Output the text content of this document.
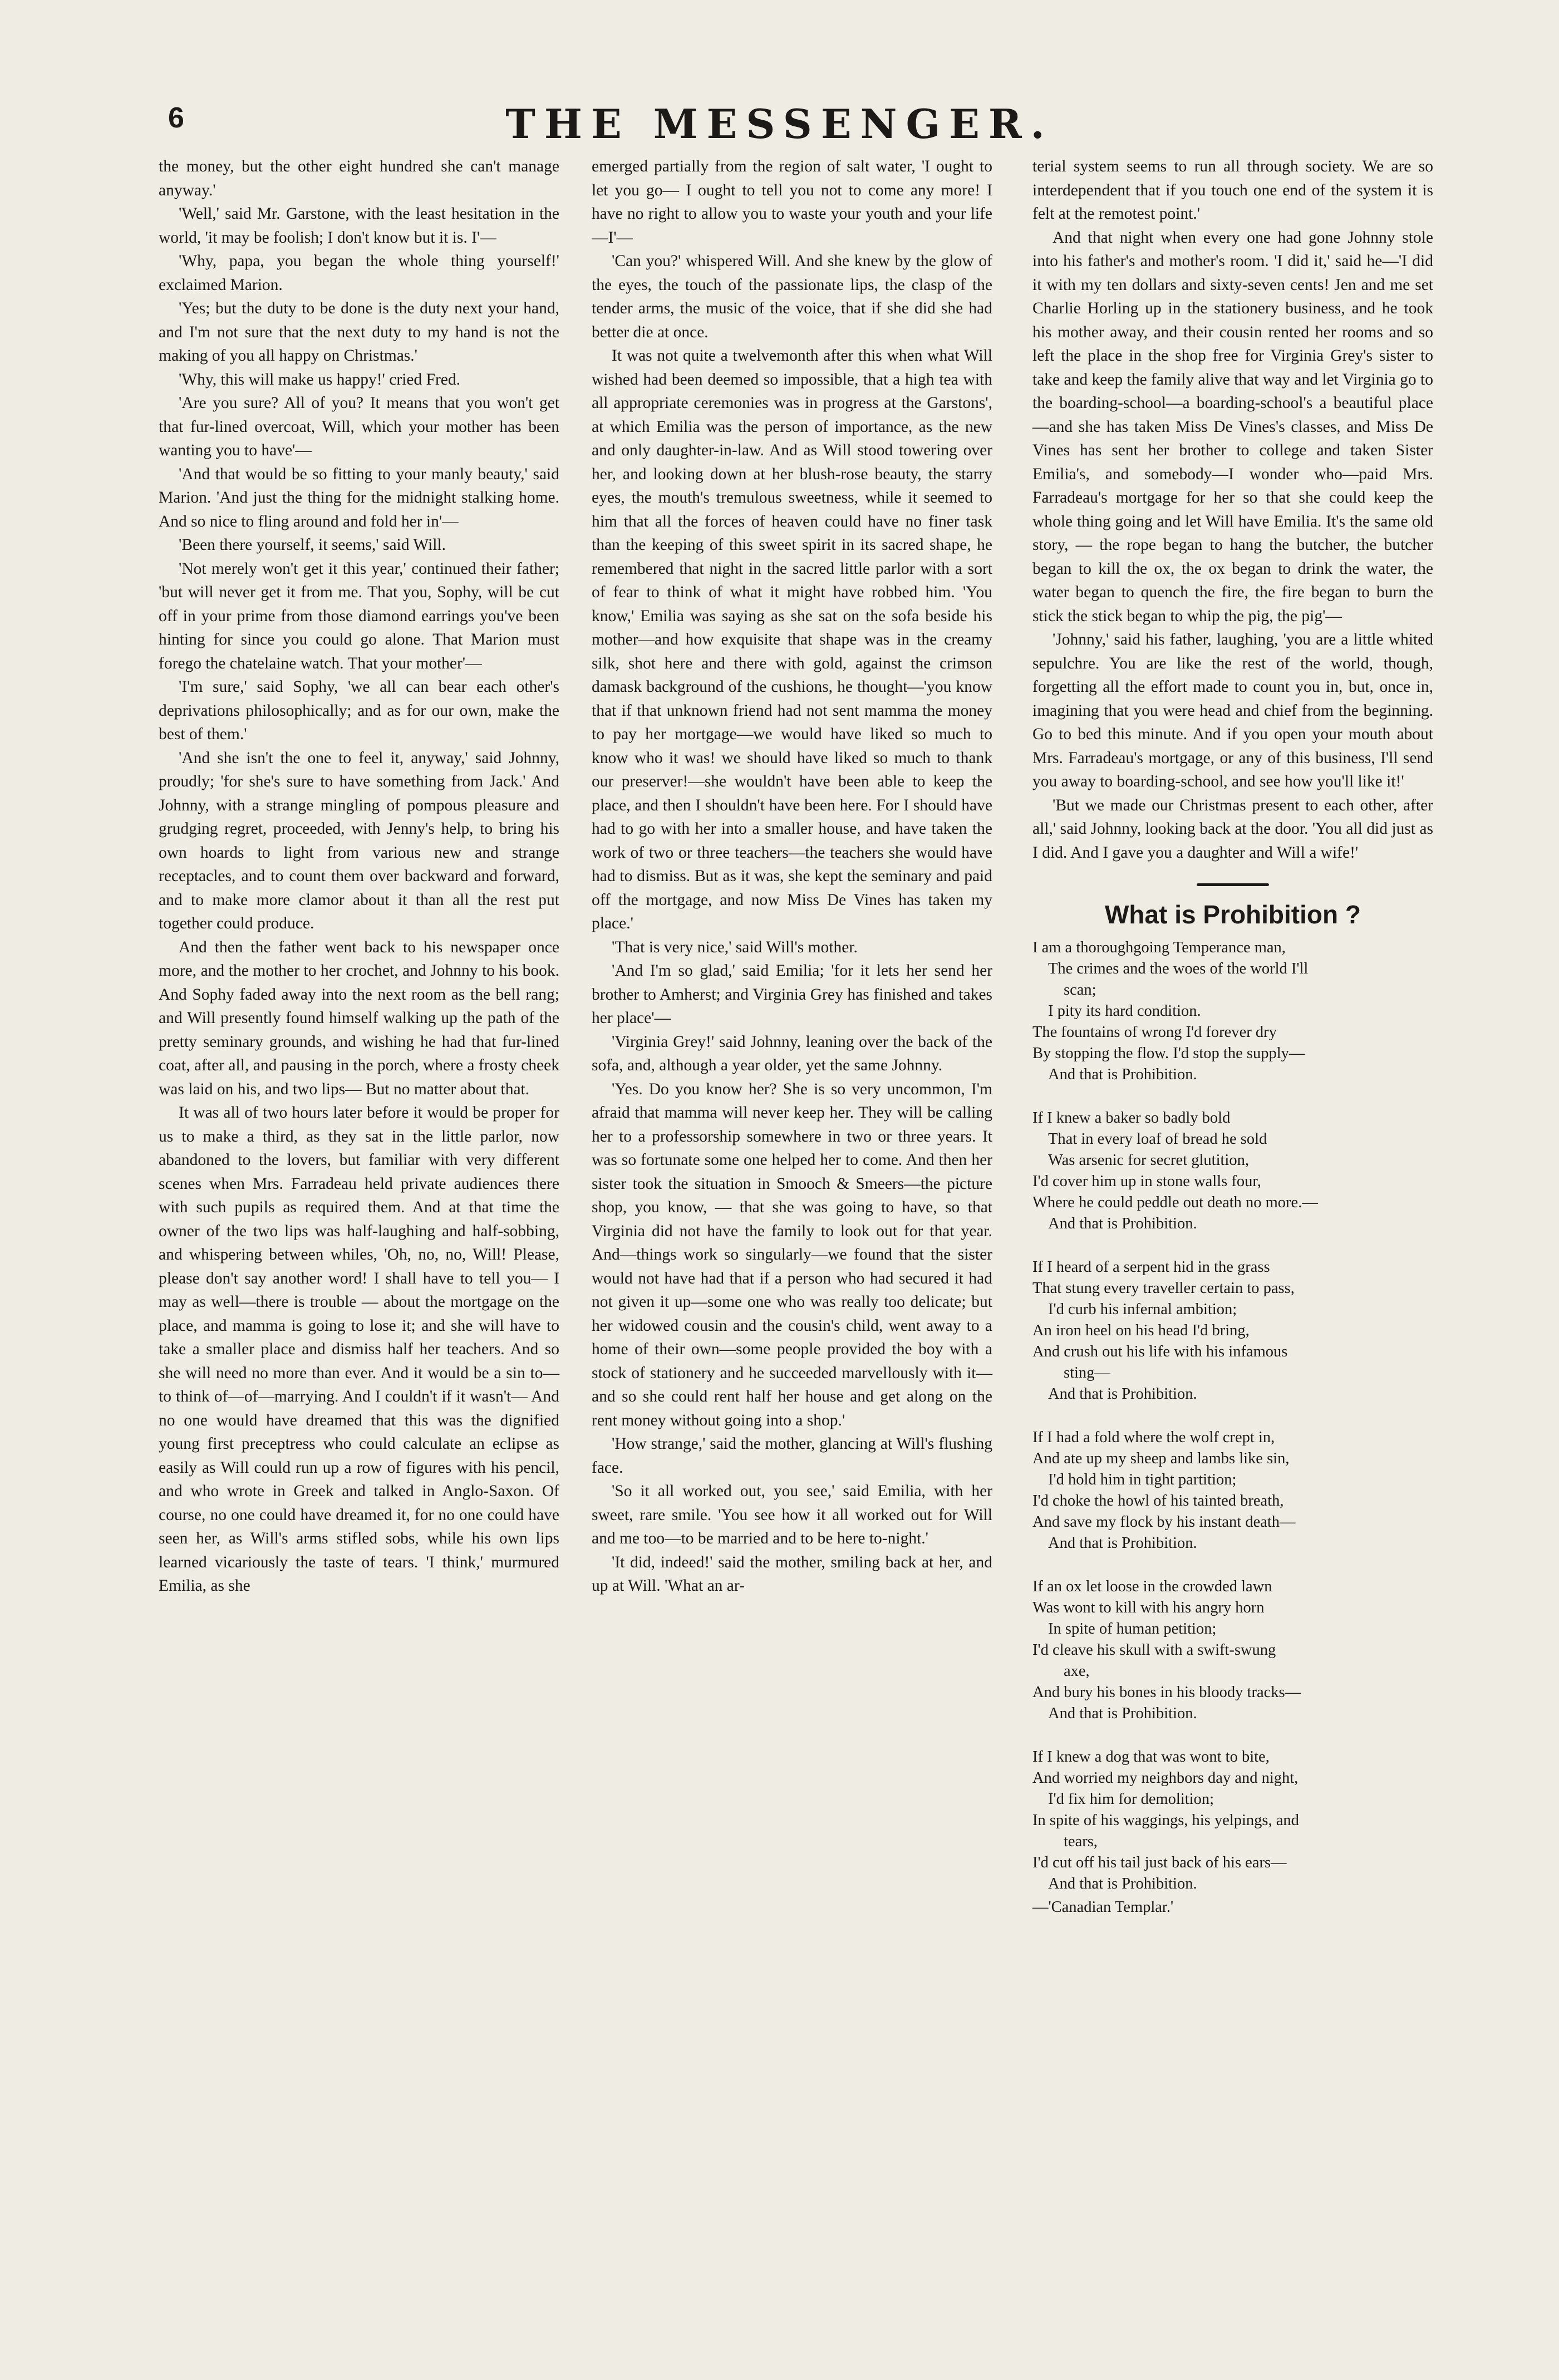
6	THE MESSENGER.

the money, but the other eight hundred she can't manage anyway.'

'Well,' said Mr. Garstone, with the least hesitation in the world, 'it may be foolish; I don't know but it is. I'—

'Why, papa, you began the whole thing yourself!' exclaimed Marion.

'Yes; but the duty to be done is the duty next your hand, and I'm not sure that the next duty to my hand is not the making of you all happy on Christmas.'

'Why, this will make us happy!' cried Fred.

'Are you sure? All of you? It means that you won't get that fur-lined overcoat, Will, which your mother has been wanting you to have'—

'And that would be so fitting to your manly beauty,' said Marion. 'And just the thing for the midnight stalking home. And so nice to fling around and fold her in'—

'Been there yourself, it seems,' said Will.

'Not merely won't get it this year,' continued their father; 'but will never get it from me. That you, Sophy, will be cut off in your prime from those diamond earrings you've been hinting for since you could go alone. That Marion must forego the chatelaine watch. That your mother'—

'I'm sure,' said Sophy, 'we all can bear each other's deprivations philosophically; and as for our own, make the best of them.'

'And she isn't the one to feel it, anyway,' said Johnny, proudly; 'for she's sure to have something from Jack.' And Johnny, with a strange mingling of pompous pleasure and grudging regret, proceeded, with Jenny's help, to bring his own hoards to light from various new and strange receptacles, and to count them over backward and forward, and to make more clamor about it than all the rest put together could produce.

And then the father went back to his newspaper once more, and the mother to her crochet, and Johnny to his book. And Sophy faded away into the next room as the bell rang; and Will presently found himself walking up the path of the pretty seminary grounds, and wishing he had that fur-lined coat, after all, and pausing in the porch, where a frosty cheek was laid on his, and two lips— But no matter about that.

It was all of two hours later before it would be proper for us to make a third, as they sat in the little parlor, now abandoned to the lovers, but familiar with very different scenes when Mrs. Farradeau held private audiences there with such pupils as required them. And at that time the owner of the two lips was half-laughing and half-sobbing, and whispering between whiles, 'Oh, no, no, Will! Please, please don't say another word! I shall have to tell you— I may as well—there is trouble — about the mortgage on the place, and mamma is going to lose it; and she will have to take a smaller place and dismiss half her teachers. And so she will need no more than ever. And it would be a sin to—to think of—of—marrying. And I couldn't if it wasn't— And no one would have dreamed that this was the dignified young first preceptress who could calculate an eclipse as easily as Will could run up a row of figures with his pencil, and who wrote in Greek and talked in Anglo-Saxon. Of course, no one could have dreamed it, for no one could have seen her, as Will's arms stifled sobs, while his own lips learned vicariously the taste of tears. 'I think,' murmured Emilia, as she

emerged partially from the region of salt water, 'I ought to let you go— I ought to tell you not to come any more! I have no right to allow you to waste your youth and your life—I'—

'Can you?' whispered Will. And she knew by the glow of the eyes, the touch of the passionate lips, the clasp of the tender arms, the music of the voice, that if she did she had better die at once.

It was not quite a twelvemonth after this when what Will wished had been deemed so impossible, that a high tea with all appropriate ceremonies was in progress at the Garstons', at which Emilia was the person of importance, as the new and only daughter-in-law. And as Will stood towering over her, and looking down at her blush-rose beauty, the starry eyes, the mouth's tremulous sweetness, while it seemed to him that all the forces of heaven could have no finer task than the keeping of this sweet spirit in its sacred shape, he remembered that night in the sacred little parlor with a sort of fear to think of what it might have robbed him. 'You know,' Emilia was saying as she sat on the sofa beside his mother—and how exquisite that shape was in the creamy silk, shot here and there with gold, against the crimson damask background of the cushions, he thought—'you know that if that unknown friend had not sent mamma the money to pay her mortgage—we would have liked so much to know who it was! we should have liked so much to thank our preserver!—she wouldn't have been able to keep the place, and then I shouldn't have been here. For I should have had to go with her into a smaller house, and have taken the work of two or three teachers—the teachers she would have had to dismiss. But as it was, she kept the seminary and paid off the mortgage, and now Miss De Vines has taken my place.'

'That is very nice,' said Will's mother.

'And I'm so glad,' said Emilia; 'for it lets her send her brother to Amherst; and Virginia Grey has finished and takes her place'—

'Virginia Grey!' said Johnny, leaning over the back of the sofa, and, although a year older, yet the same Johnny.

'Yes. Do you know her? She is so very uncommon, I'm afraid that mamma will never keep her. They will be calling her to a professorship somewhere in two or three years. It was so fortunate some one helped her to come. And then her sister took the situation in Smooch & Smeers—the picture shop, you know, — that she was going to have, so that Virginia did not have the family to look out for that year. And—things work so singularly—we found that the sister would not have had that if a person who had secured it had not given it up—some one who was really too delicate; but her widowed cousin and the cousin's child, went away to a home of their own—some people provided the boy with a stock of stationery and he succeeded marvellously with it—and so she could rent half her house and get along on the rent money without going into a shop.'

'How strange,' said the mother, glancing at Will's flushing face.

'So it all worked out, you see,' said Emilia, with her sweet, rare smile. 'You see how it all worked out for Will and me too—to be married and to be here to-night.'

'It did, indeed!' said the mother, smiling back at her, and up at Will. 'What an ar-

terial system seems to run all through society. We are so interdependent that if you touch one end of the system it is felt at the remotest point.'

And that night when every one had gone Johnny stole into his father's and mother's room. 'I did it,' said he—'I did it with my ten dollars and sixty-seven cents! Jen and me set Charlie Horling up in the stationery business, and he took his mother away, and their cousin rented her rooms and so left the place in the shop free for Virginia Grey's sister to take and keep the family alive that way and let Virginia go to the boarding-school—a boarding-school's a beautiful place—and she has taken Miss De Vines's classes, and Miss De Vines has sent her brother to college and taken Sister Emilia's, and somebody—I wonder who—paid Mrs. Farradeau's mortgage for her so that she could keep the whole thing going and let Will have Emilia. It's the same old story, — the rope began to hang the butcher, the butcher began to kill the ox, the ox began to drink the water, the water began to quench the fire, the fire began to burn the stick the stick began to whip the pig, the pig'—

'Johnny,' said his father, laughing, 'you are a little whited sepulchre. You are like the rest of the world, though, forgetting all the effort made to count you in, but, once in, imagining that you were head and chief from the beginning. Go to bed this minute. And if you open your mouth about Mrs. Farradeau's mortgage, or any of this business, I'll send you away to boarding-school, and see how you'll like it!'

'But we made our Christmas present to each other, after all,' said Johnny, looking back at the door. 'You all did just as I did. And I gave you a daughter and Will a wife!'

What is Prohibition ?
I am a thoroughgoing Temperance man,
The crimes and the woes of the world I'll
scan;
I pity its hard condition.
The fountains of wrong I'd forever dry
By stopping the flow. I'd stop the supply—
And that is Prohibition.
If I knew a baker so badly bold
That in every loaf of bread he sold
Was arsenic for secret glutition,
I'd cover him up in stone walls four,
Where he could peddle out death no more.—
And that is Prohibition.
If I heard of a serpent hid in the grass
That stung every traveller certain to pass,
I'd curb his infernal ambition;
An iron heel on his head I'd bring,
And crush out his life with his infamous
sting—
And that is Prohibition.
If I had a fold where the wolf crept in,
And ate up my sheep and lambs like sin,
I'd hold him in tight partition;
I'd choke the howl of his tainted breath,
And save my flock by his instant death—
And that is Prohibition.
If an ox let loose in the crowded lawn
Was wont to kill with his angry horn
In spite of human petition;
I'd cleave his skull with a swift-swung
axe,
And bury his bones in his bloody tracks—
And that is Prohibition.
If I knew a dog that was wont to bite,
And worried my neighbors day and night,
I'd fix him for demolition;
In spite of his waggings, his yelpings, and
tears,
I'd cut off his tail just back of his ears—
And that is Prohibition.
—'Canadian Templar.'
